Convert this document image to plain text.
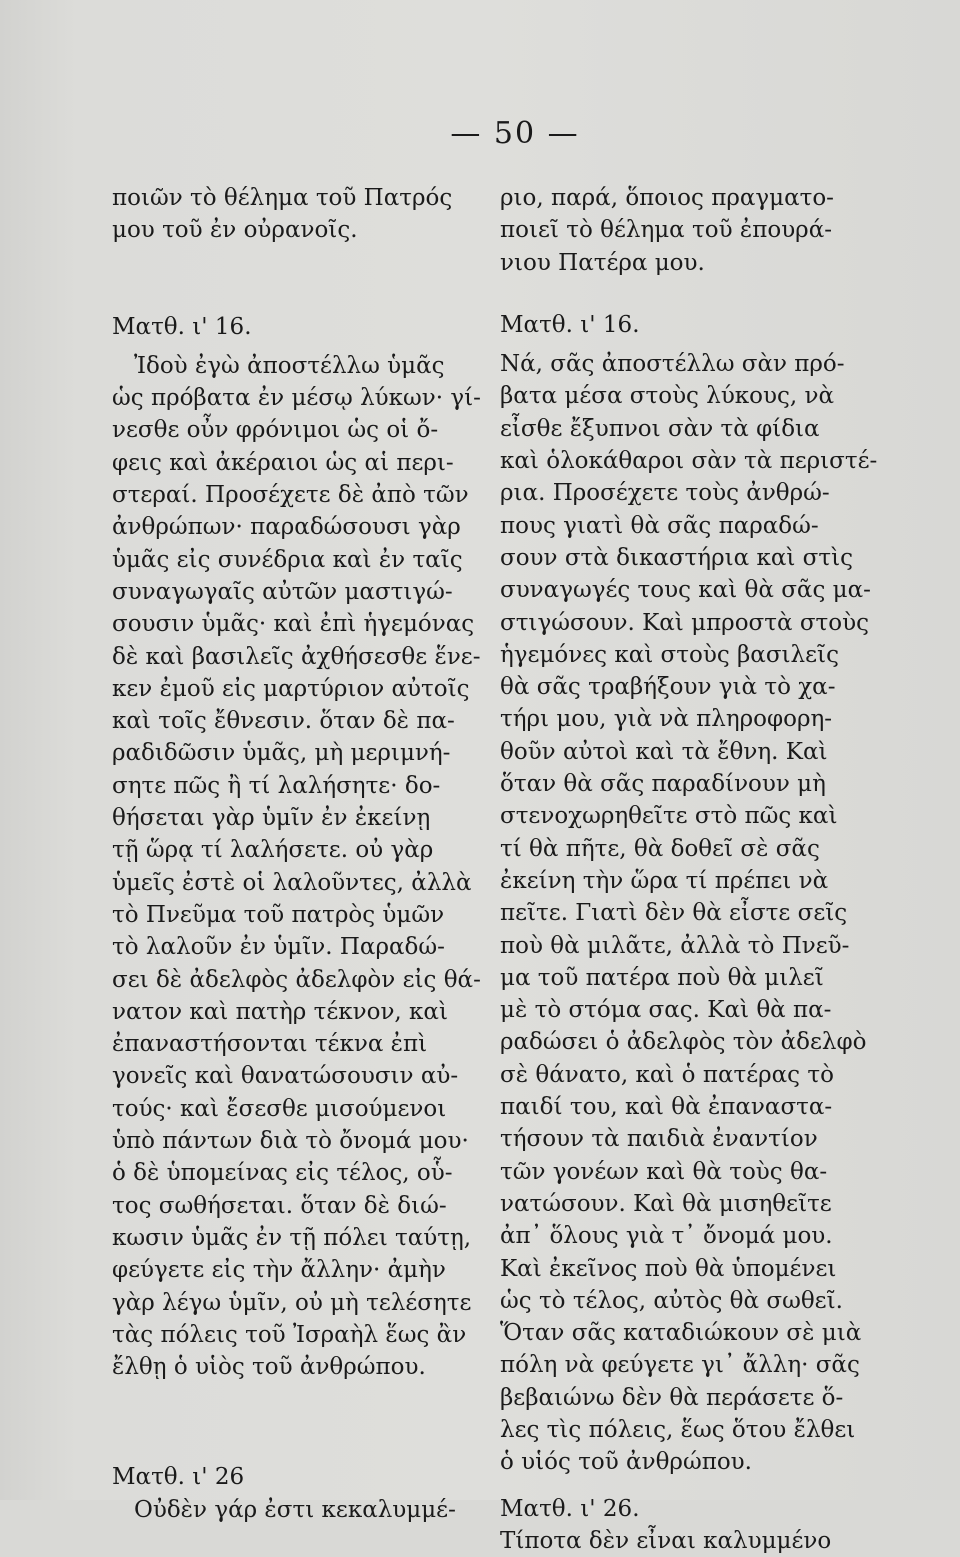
— 50 —
ποιῶν τὸ θέλημα τοῦ Πατρός
μου τοῦ ἐν οὐρανοῖς.
Ματθ. ι' 16.
Ἰδοὺ ἐγὼ ἀποστέλλω ὑμᾶς
ὡς πρόβατα ἐν μέσῳ λύκων· γί-
νεσθε οὖν φρόνιμοι ὡς οἱ ὄ-
φεις καὶ ἀκέραιοι ὡς αἱ περι-
στεραί. Προσέχετε δὲ ἀπὸ τῶν
ἀνθρώπων· παραδώσουσι γὰρ
ὑμᾶς εἰς συνέδρια καὶ ἐν ταῖς
συναγωγαῖς αὐτῶν μαστιγώ-
σουσιν ὑμᾶς· καὶ ἐπὶ ἡγεμόνας
δὲ καὶ βασιλεῖς ἀχθήσεσθε ἕνε-
κεν ἐμοῦ εἰς μαρτύριον αὐτοῖς
καὶ τοῖς ἔθνεσιν. ὅταν δὲ πα-
ραδιδῶσιν ὑμᾶς, μὴ μεριμνή-
σητε πῶς ἢ τί λαλήσητε· δο-
θήσεται γὰρ ὑμῖν ἐν ἐκείνῃ
τῇ ὥρᾳ τί λαλήσετε. οὐ γὰρ
ὑμεῖς ἐστὲ οἱ λαλοῦντες, ἀλλὰ
τὸ Πνεῦμα τοῦ πατρὸς ὑμῶν
τὸ λαλοῦν ἐν ὑμῖν. Παραδώ-
σει δὲ ἀδελφὸς ἀδελφὸν εἰς θά-
νατον καὶ πατὴρ τέκνον, καὶ
ἐπαναστήσονται τέκνα ἐπὶ
γονεῖς καὶ θανατώσουσιν αὐ-
τούς· καὶ ἔσεσθε μισούμενοι
ὑπὸ πάντων διὰ τὸ ὄνομά μου·
ὁ δὲ ὑπομείνας εἰς τέλος, οὗ-
τος σωθήσεται. ὅταν δὲ διώ-
κωσιν ὑμᾶς ἐν τῇ πόλει ταύτῃ,
φεύγετε εἰς τὴν ἄλλην· ἀμὴν
γὰρ λέγω ὑμῖν, οὐ μὴ τελέσητε
τὰς πόλεις τοῦ Ἰσραὴλ ἕως ἂν
ἔλθῃ ὁ υἱὸς τοῦ ἀνθρώπου.
Ματθ. ι' 26
Οὐδὲν γάρ ἐστι κεκαλυμμέ-
ριο, παρά, ὅποιος πραγματο-
ποιεῖ τὸ θέλημα τοῦ ἐπουρά-
νιου Πατέρα μου.
Ματθ. ι' 16.
Νά, σᾶς ἀποστέλλω σὰν πρό-
βατα μέσα στοὺς λύκους, νὰ
εἶσθε ἔξυπνοι σὰν τὰ φίδια
καὶ ὁλοκάθαροι σὰν τὰ περιστέ-
ρια. Προσέχετε τοὺς ἀνθρώ-
πους γιατὶ θὰ σᾶς παραδώ-
σουν στὰ δικαστήρια καὶ στὶς
συναγωγές τους καὶ θὰ σᾶς μα-
στιγώσουν. Καὶ μπροστὰ στοὺς
ἡγεμόνες καὶ στοὺς βασιλεῖς
θὰ σᾶς τραβήξουν γιὰ τὸ χα-
τήρι μου, γιὰ νὰ πληροφορη-
θοῦν αὐτοὶ καὶ τὰ ἔθνη. Καὶ
ὅταν θὰ σᾶς παραδίνουν μὴ
στενοχωρηθεῖτε στὸ πῶς καὶ
τί θὰ πῆτε, θὰ δοθεῖ σὲ σᾶς
ἐκείνη τὴν ὥρα τί πρέπει νὰ
πεῖτε. Γιατὶ δὲν θὰ εἶστε σεῖς
ποὺ θὰ μιλᾶτε, ἀλλὰ τὸ Πνεῦ-
μα τοῦ πατέρα ποὺ θὰ μιλεῖ
μὲ τὸ στόμα σας. Καὶ θὰ πα-
ραδώσει ὁ ἀδελφὸς τὸν ἀδελφὸ
σὲ θάνατο, καὶ ὁ πατέρας τὸ
παιδί του, καὶ θὰ ἐπαναστα-
τήσουν τὰ παιδιὰ ἐναντίον
τῶν γονέων καὶ θὰ τοὺς θα-
νατώσουν. Καὶ θὰ μισηθεῖτε
ἀπ᾽ ὅλους γιὰ τ᾽ ὄνομά μου.
Καὶ ἐκεῖνος ποὺ θὰ ὑπομένει
ὡς τὸ τέλος, αὐτὸς θὰ σωθεῖ.
Ὅταν σᾶς καταδιώκουν σὲ μιὰ
πόλη νὰ φεύγετε γι᾽ ἄλλη· σᾶς
βεβαιώνω δὲν θὰ περάσετε ὅ-
λες τὶς πόλεις, ἕως ὅτου ἔλθει
ὁ υἱός τοῦ ἀνθρώπου.
Ματθ. ι' 26.
Τίποτα δὲν εἶναι καλυμμένο
